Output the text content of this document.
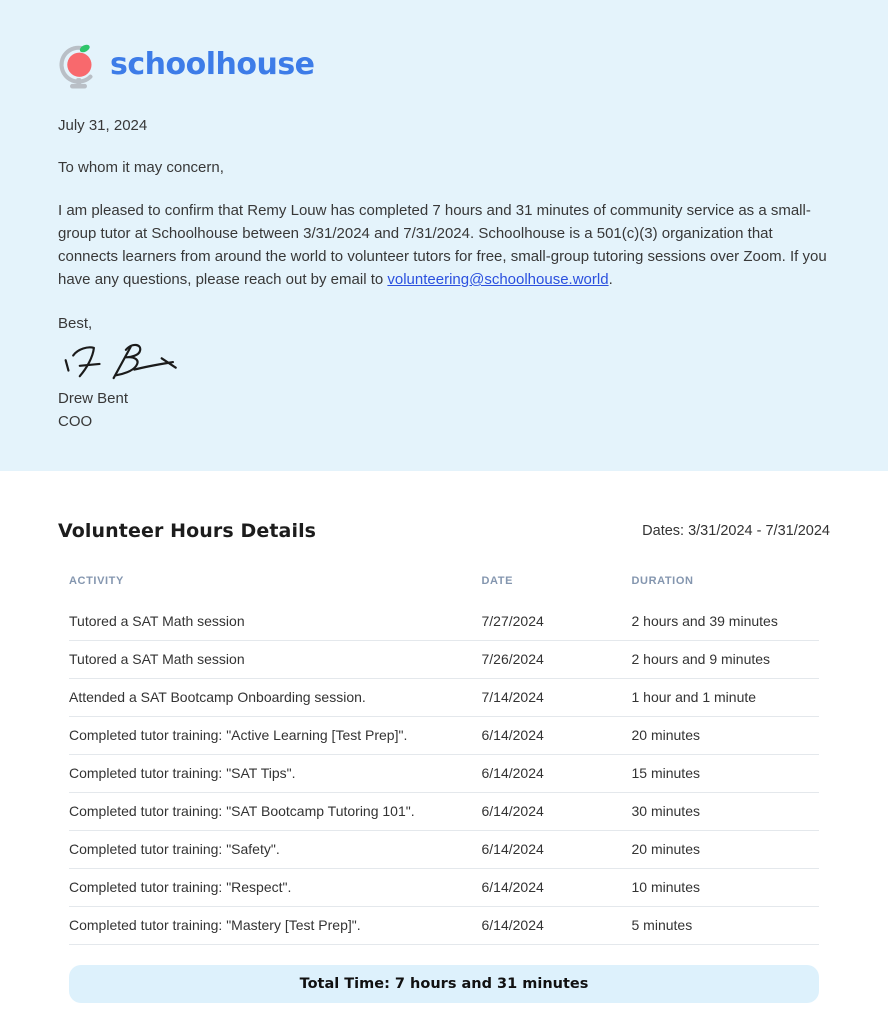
schoolhouse

July 31, 2024

To whom it may concern,

I am pleased to confirm that Remy Louw has completed 7 hours and 31 minutes of community service as a small-group tutor at Schoolhouse between 3/31/2024 and 7/31/2024. Schoolhouse is a 501(c)(3) organization that connects learners from around the world to volunteer tutors for free, small-group tutoring sessions over Zoom. If you have any questions, please reach out by email to volunteering@schoolhouse.world.

Best,

Drew Bent

COO

Volunteer Hours Details	Dates: 3/31/2024 - 7/31/2024
ACTIVITY	DATE	DURATION
Tutored a SAT Math session	7/27/2024	2 hours and 39 minutes
Tutored a SAT Math session	7/26/2024	2 hours and 9 minutes
Attended a SAT Bootcamp Onboarding session.	7/14/2024	1 hour and 1 minute
Completed tutor training: "Active Learning [Test Prep]".	6/14/2024	20 minutes
Completed tutor training: "SAT Tips".	6/14/2024	15 minutes
Completed tutor training: "SAT Bootcamp Tutoring 101".	6/14/2024	30 minutes
Completed tutor training: "Safety".	6/14/2024	20 minutes
Completed tutor training: "Respect".	6/14/2024	10 minutes
Completed tutor training: "Mastery [Test Prep]".	6/14/2024	5 minutes
Total Time: 7 hours and 31 minutes
